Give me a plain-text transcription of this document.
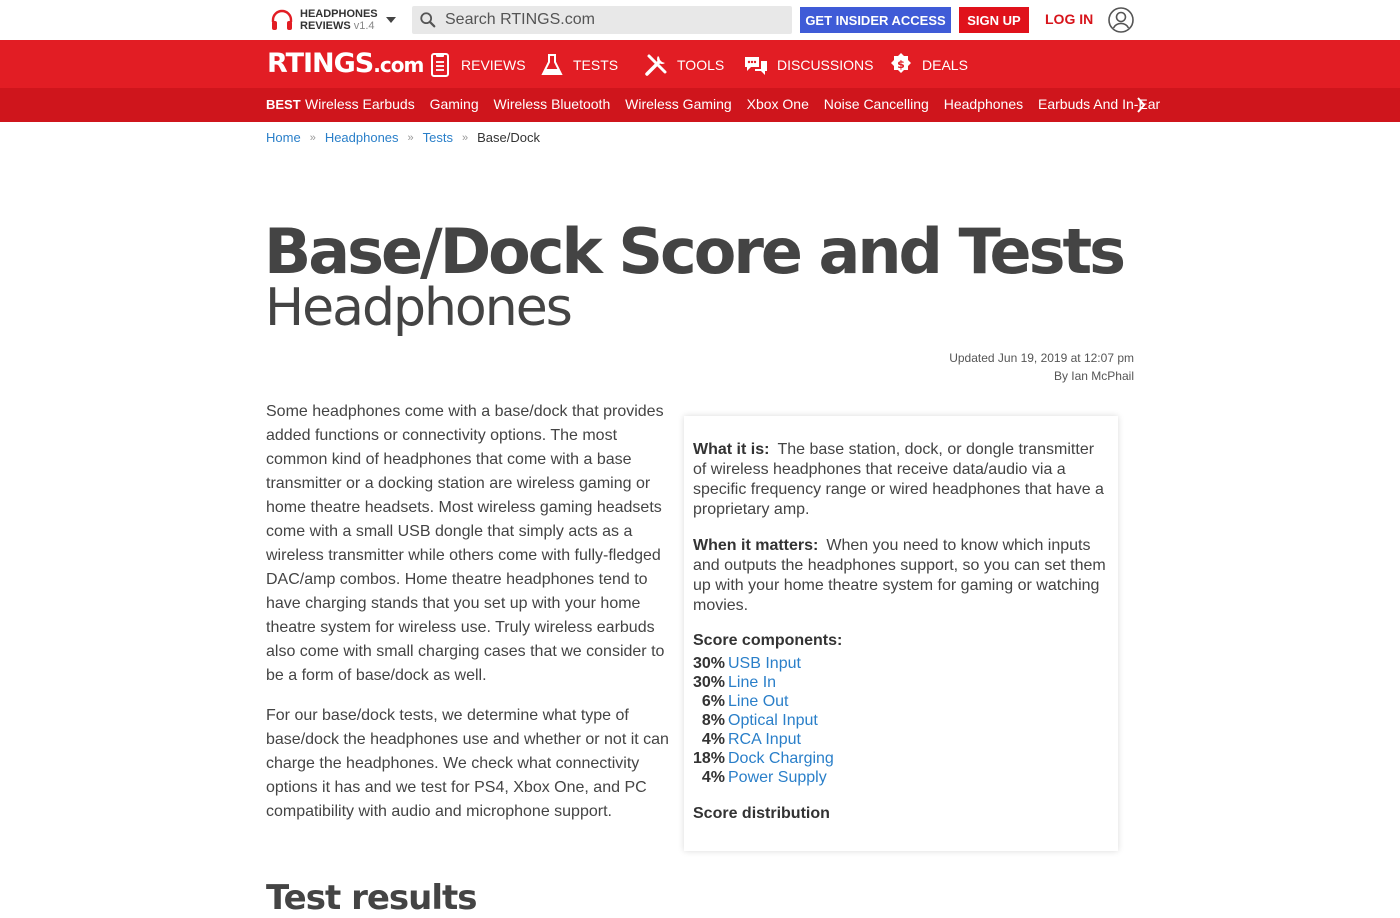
HEADPHONES
REVIEWS v1.4
Search RTINGS.com	GET INSIDER ACCESS	SIGN UP	LOG IN
RTINGS.com	REVIEWS	TESTS	TOOLS	DISCUSSIONS $ DEALS
BEST Wireless Earbuds Gaming Wireless Bluetooth Wireless Gaming Xbox One Noise Cancelling Headphones Earbuds And In-Ear
Home » Headphones » Tests » Base/Dock
Base/Dock Score and Tests
Headphones
Updated Jun 19, 2019 at 12:07 pm
By Ian McPhail

Some headphones come with a base/dock that provides added functions or connectivity options. The most common kind of headphones that come with a base transmitter or a docking station are wireless gaming or home theatre headsets. Most wireless gaming headsets come with a small USB dongle that simply acts as a wireless transmitter while others come with fully-fledged DAC/amp combos. Home theatre headphones tend to have charging stands that you set up with your home theatre system for wireless use. Truly wireless earbuds also come with small charging cases that we consider to be a form of base/dock as well.

For our base/dock tests, we determine what type of base/dock the headphones use and whether or not it can charge the headphones. We check what connectivity options it has and we test for PS4, Xbox One, and PC compatibility with audio and microphone support.

What it is: The base station, dock, or dongle transmitter of wireless headphones that receive data/audio via a specific frequency range or wired headphones that have a proprietary amp.
When it matters: When you need to know which inputs and outputs the headphones support, so you can set them up with your home theatre system for gaming or watching movies.
Score components:
30% USB Input
30% Line In
6% Line Out
8% Optical Input
4% RCA Input
18% Dock Charging
4% Power Supply
Score distribution
Test results
